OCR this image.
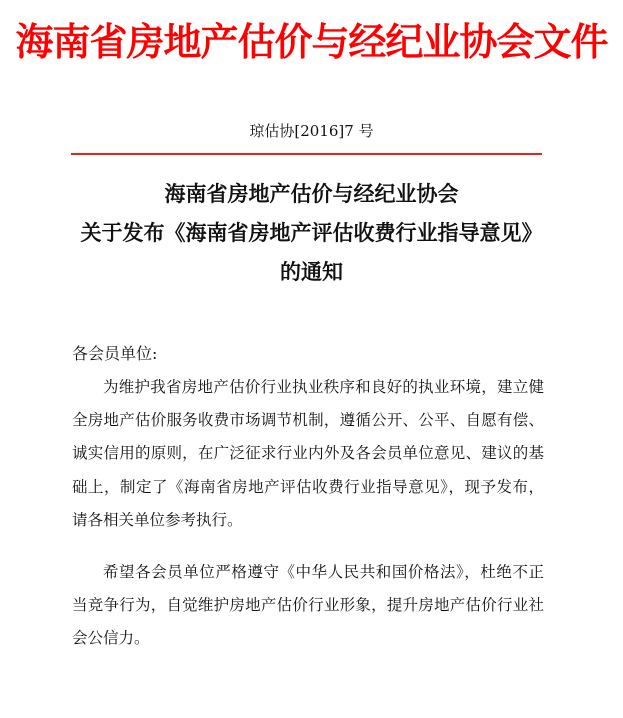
海南省房地产估价与经纪业协会文件
琼估协[2016]7 号
海南省房地产估价与经纪业协会
关于发布《海南省房地产评估收费行业指导意见》
的通知
各会员单位:

为维护我省房地产估价行业执业秩序和良好的执业环境，建立健全房地产估价服务收费市场调节机制，遵循公开、公平、自愿有偿、诚实信用的原则，在广泛征求行业内外及各会员单位意见、建议的基础上，制定了《海南省房地产评估收费行业指导意见》，现予发布，请各相关单位参考执行。

希望各会员单位严格遵守《中华人民共和国价格法》，杜绝不正当竞争行为，自觉维护房地产估价行业形象，提升房地产估价行业社会公信力。
